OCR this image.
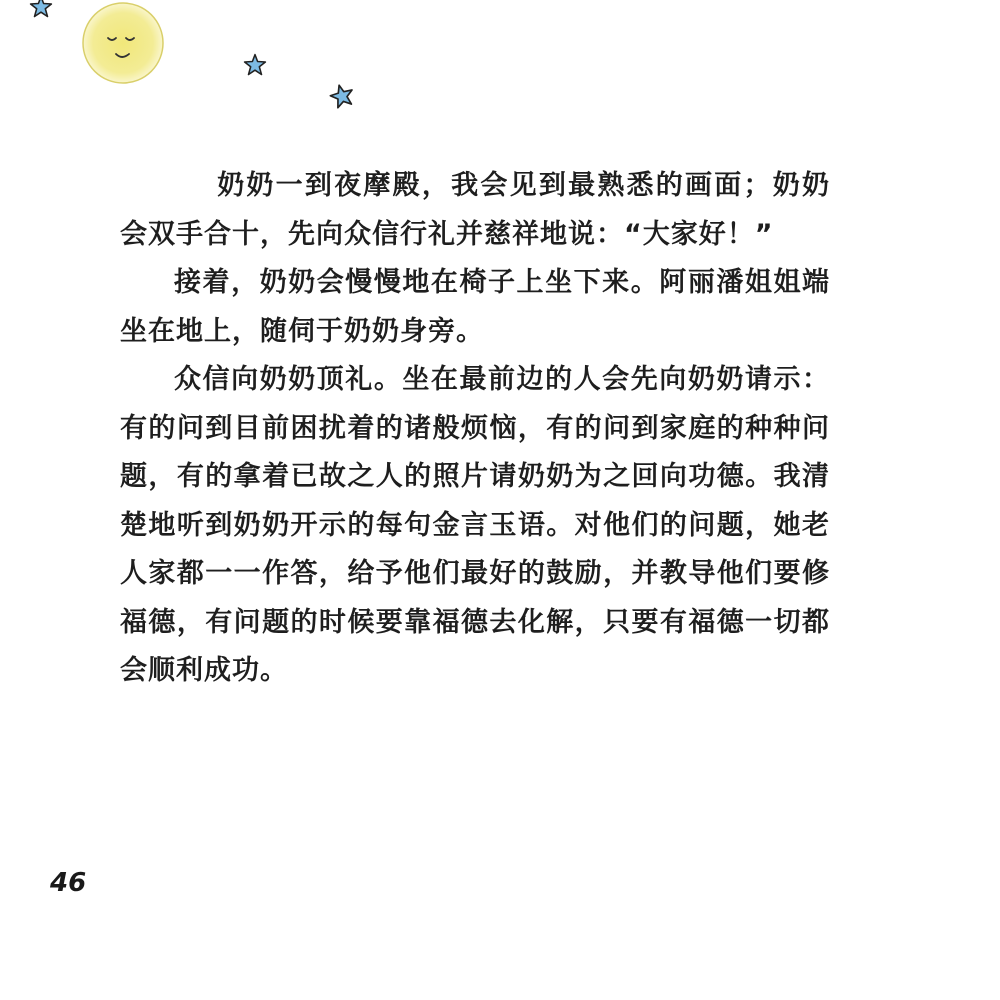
奶奶一到夜摩殿，我会见到最熟悉的画面；奶奶会双手合十，先向众信行礼并慈祥地说：“大家好！”

接着，奶奶会慢慢地在椅子上坐下来。阿丽潘姐姐端坐在地上，随伺于奶奶身旁。

众信向奶奶顶礼。坐在最前边的人会先向奶奶请示：有的问到目前困扰着的诸般烦恼，有的问到家庭的种种问题，有的拿着已故之人的照片请奶奶为之回向功德。我清楚地听到奶奶开示的每句金言玉语。对他们的问题，她老人家都一一作答，给予他们最好的鼓励，并教导他们要修福德，有问题的时候要靠福德去化解，只要有福德一切都会顺利成功。

46
